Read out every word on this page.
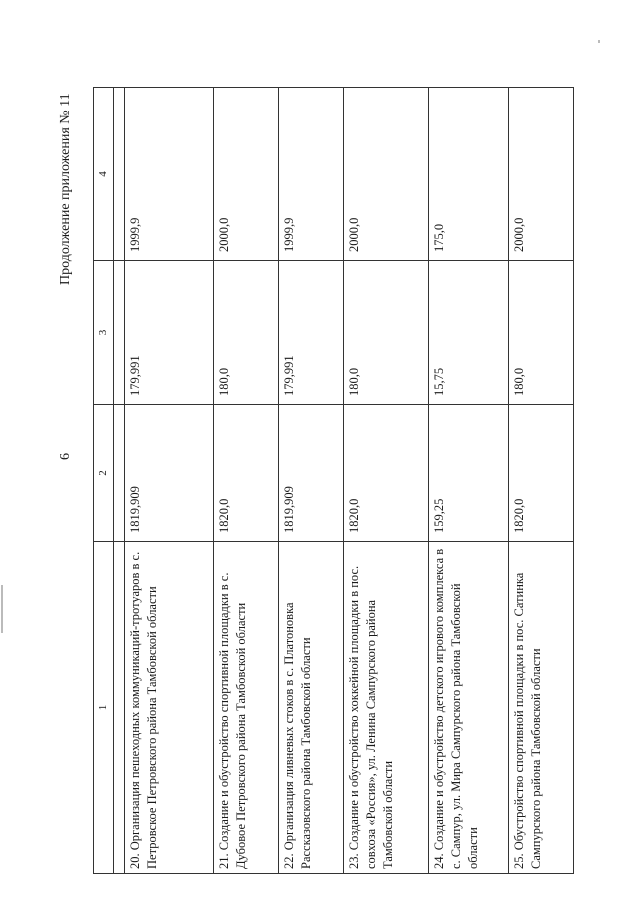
6
Продолжение приложения № 11
1	2	3	4

20. Организация пешеходных коммуникаций-тротуаров в с. Петровское Петровского района Тамбовской области	1819,909	179,991	1999,9
21. Создание и обустройство спортивной площадки в с. Дубовое Петровского района Тамбовской области	1820,0	180,0	2000,0
22. Организация ливневых стоков в с. Платоновка Рассказовского района Тамбовской области	1819,909	179,991	1999,9
23. Создание и обустройство хоккейной площадки в пос. совхоза «Россия», ул. Ленина Сампурского района Тамбовской области	1820,0	180,0	2000,0
24. Создание и обустройство детского игрового комплекса в с. Сампур, ул. Мира Сампурского района Тамбовской области	159,25	15,75	175,0
25. Обустройство спортивной площадки в пос. Сатинка Сампурского района Тамбовской области	1820,0	180,0	2000,0
